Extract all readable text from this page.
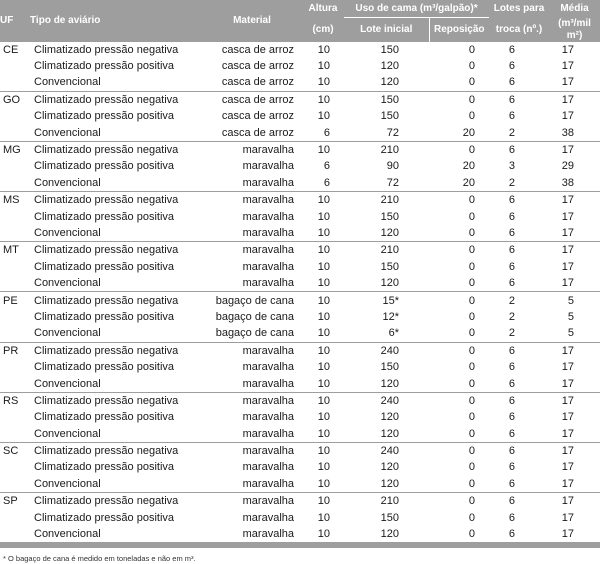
UF	Tipo de aviário	Material	Altura	Uso de cama (m³/galpão)*		Lotes para	Média
			(cm)	Lote inicial	Reposição	troca (nº.)	(m³/mil m²)
CE	Climatizado pressão negativa	casca de arroz	10	150	0	6	17
	Climatizado pressão positiva	casca de arroz	10	120	0	6	17
	Convencional	casca de arroz	10	120	0	6	17
GO	Climatizado pressão negativa	casca de arroz	10	150	0	6	17
	Climatizado pressão positiva	casca de arroz	10	150	0	6	17
	Convencional	casca de arroz	6	72	20	2	38
MG	Climatizado pressão negativa	maravalha	10	210	0	6	17
	Climatizado pressão positiva	maravalha	6	90	20	3	29
	Convencional	maravalha	6	72	20	2	38
MS	Climatizado pressão negativa	maravalha	10	210	0	6	17
	Climatizado pressão positiva	maravalha	10	150	0	6	17
	Convencional	maravalha	10	120	0	6	17
MT	Climatizado pressão negativa	maravalha	10	210	0	6	17
	Climatizado pressão positiva	maravalha	10	150	0	6	17
	Convencional	maravalha	10	120	0	6	17
PE	Climatizado pressão negativa	bagaço de cana	10	15*	0	2	5
	Climatizado pressão positiva	bagaço de cana	10	12*	0	2	5
	Convencional	bagaço de cana	10	6*	0	2	5
PR	Climatizado pressão negativa	maravalha	10	240	0	6	17
	Climatizado pressão positiva	maravalha	10	150	0	6	17
	Convencional	maravalha	10	120	0	6	17
RS	Climatizado pressão negativa	maravalha	10	240	0	6	17
	Climatizado pressão positiva	maravalha	10	120	0	6	17
	Convencional	maravalha	10	120	0	6	17
SC	Climatizado pressão negativa	maravalha	10	240	0	6	17
	Climatizado pressão positiva	maravalha	10	120	0	6	17
	Convencional	maravalha	10	120	0	6	17
SP	Climatizado pressão negativa	maravalha	10	210	0	6	17
	Climatizado pressão positiva	maravalha	10	150	0	6	17
	Convencional	maravalha	10	120	0	6	17
* O bagaço de cana é medido em toneladas e não em m³.
